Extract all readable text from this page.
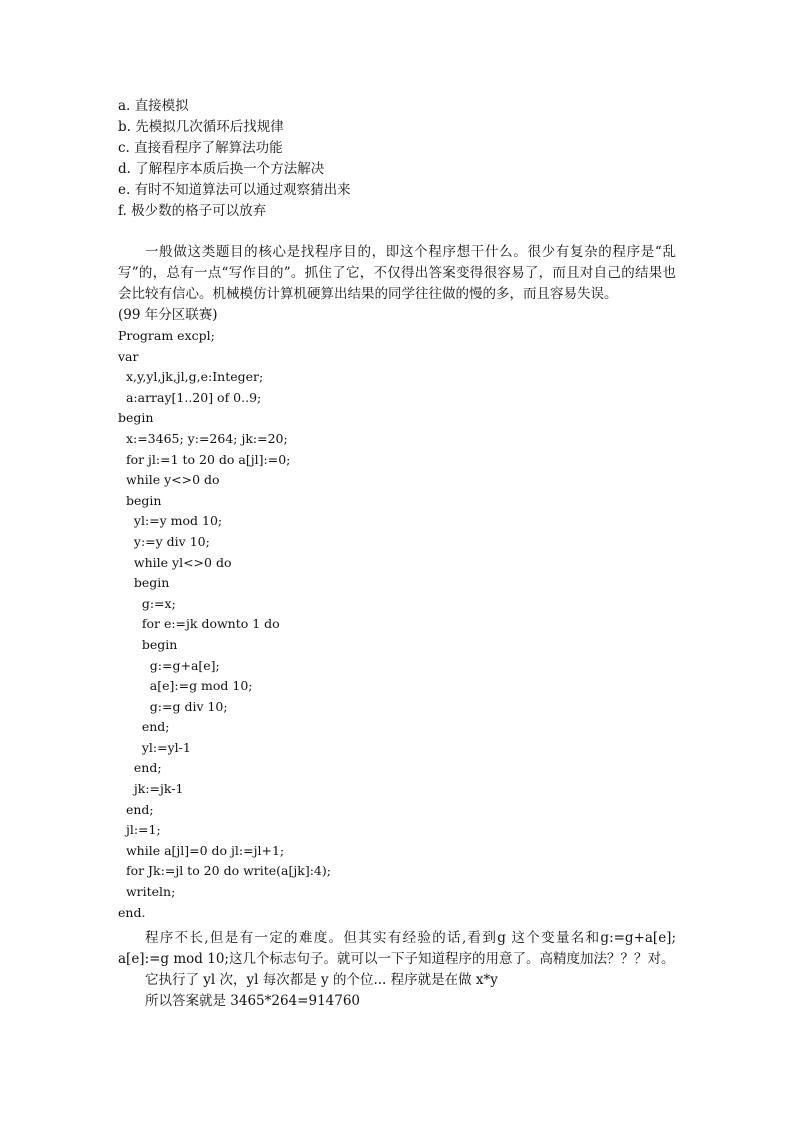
a. 直接模拟
b. 先模拟几次循环后找规律
c. 直接看程序了解算法功能
d. 了解程序本质后换一个方法解决
e. 有时不知道算法可以通过观察猜出来
f. 极少数的格子可以放弃

一般做这类题目的核心是找程序目的，即这个程序想干什么。很少有复杂的程序是“乱写”的，总有一点“写作目的”。抓住了它，不仅得出答案变得很容易了，而且对自己的结果也会比较有信心。机械模仿计算机硬算出结果的同学往往做的慢的多，而且容易失误。

(99 年分区联赛)
Program excpl;
var
x,y,yl,jk,jl,g,e:Integer;
a:array[1..20] of 0..9;
begin
x:=3465; y:=264; jk:=20;
for jl:=1 to 20 do a[jl]:=0;
while y<>0 do
begin
yl:=y mod 10;
y:=y div 10;
while yl<>0 do
begin
g:=x;
for e:=jk downto 1 do
begin
g:=g+a[e];
a[e]:=g mod 10;
g:=g div 10;
end;
yl:=yl-1
end;
jk:=jk-1
end;
jl:=1;
while a[jl]=0 do jl:=jl+1;
for Jk:=jl to 20 do write(a[jk]:4);
writeln;
end.

程序不长,但是有一定的难度。但其实有经验的话,看到g 这个变量名和g:=g+a[e]; a[e]:=g mod 10;这几个标志句子。就可以一下子知道程序的用意了。高精度加法？？？对。

它执行了 yl 次，yl 每次都是 y 的个位... 程序就是在做 x*y
所以答案就是 3465*264=914760
